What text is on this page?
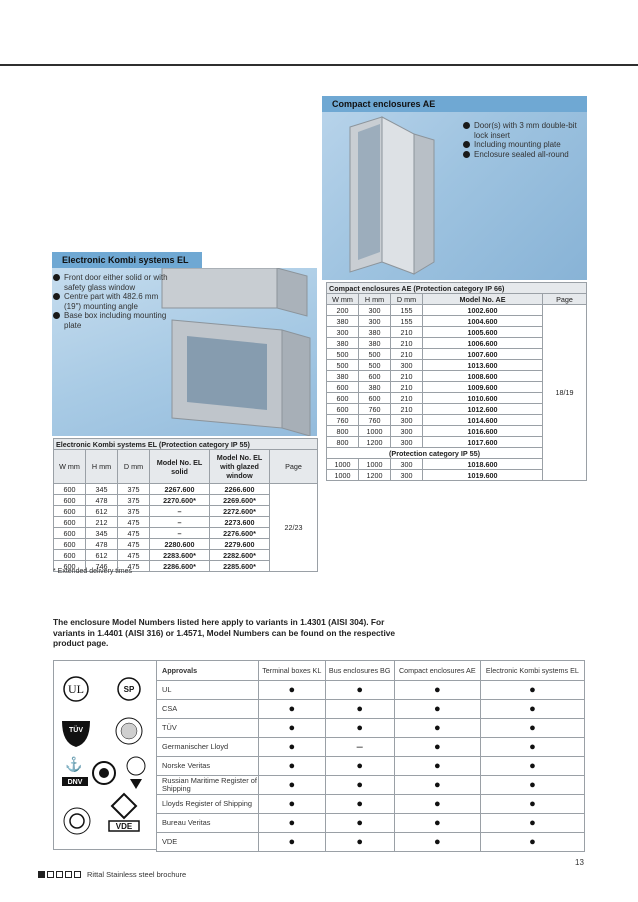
Compact enclosures AE
Door(s) with 3 mm double-bit lock insert
Including mounting plate
Enclosure sealed all-round
Compact enclosures AE (Protection category IP 66)				
W mm	H mm	D mm	Model No. AE	Page
200	300	155	1002.600	18/19
380	300	155	1004.600	
300	380	210	1005.600	
380	380	210	1006.600	
500	500	210	1007.600	
500	500	300	1013.600	
380	600	210	1008.600	
600	380	210	1009.600	
600	600	210	1010.600	
600	760	210	1012.600	
760	760	300	1014.600	
800	1000	300	1016.600	
800	1200	300	1017.600	
(Protection category IP 55)				
1000	1000	300	1018.600	
1000	1200	300	1019.600	
Electronic Kombi systems EL
Front door either solid or with safety glass window
Centre part with 482.6 mm (19") mounting angle
Base box including mounting plate
Electronic Kombi systems EL (Protection category IP 55)					
W mm	H mm	D mm	Model No. EL solid	Model No. EL with glazed window	Page
600	345	375	2267.600	2266.600	22/23
600	478	375	2270.600*	2269.600*	
600	612	375	–	2272.600*	
600	212	475	–	2273.600	
600	345	475	–	2276.600*	
600	478	475	2280.600	2279.600	
600	612	475	2283.600*	2282.600*	
600	746	475	2286.600*	2285.600*	
* Extended delivery times
The enclosure Model Numbers listed here apply to variants in 1.4301 (AISI 304). For variants in 1.4401 (AISI 316) or 1.4571, Model Numbers can be found on the respective product page.
UL	SP
TÜV
⚓
DNV
VDE
Approvals	Terminal boxes KL	Bus enclosures BG	Compact enclosures AE	Electronic Kombi systems EL
UL	●	●	●	●
CSA	●	●	●	●
TÜV	●	●	●	●
Germanischer Lloyd	●	–	●	●
Norske Veritas	●	●	●	●
Russian Maritime Register of Shipping	●	●	●	●
Lloyds Register of Shipping	●	●	●	●
Bureau Veritas	●	●	●	●
VDE	●	●	●	●
13
Rittal Stainless steel brochure
